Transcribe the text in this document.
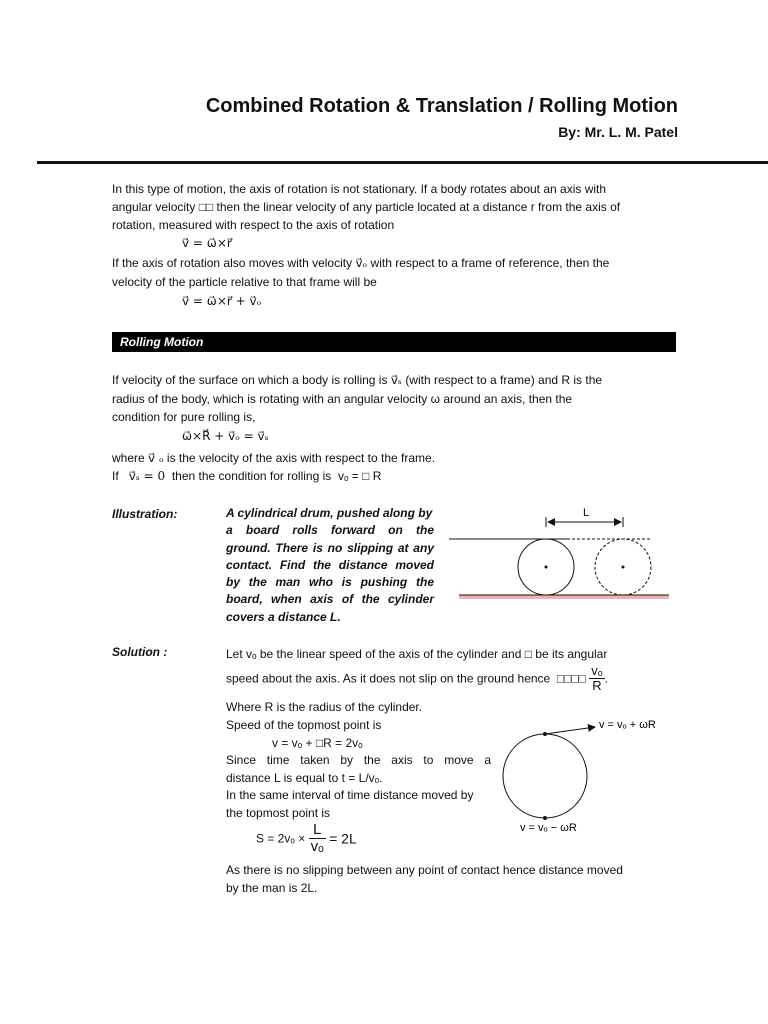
Combined Rotation & Translation / Rolling Motion
By: Mr. L. M. Patel
In this type of motion, the axis of rotation is not stationary. If a body rotates about an axis with
angular velocity □□ then the linear velocity of any particle located at a distance r from the axis of
rotation, measured with respect to the axis of rotation
v⃗ = ω⃗×r⃗
If the axis of rotation also moves with velocity v⃗ₒ with respect to a frame of reference, then the
velocity of the particle relative to that frame will be
v⃗ = ω⃗×r⃗ + v⃗ₒ
Rolling Motion
If velocity of the surface on which a body is rolling is v⃗ₛ (with respect to a frame) and R is the
radius of the body, which is rotating with an angular velocity ω around an axis, then the
condition for pure rolling is,
ω⃗×R⃗ + v⃗ₒ = v⃗ₛ
where v⃗ ₒ is the velocity of the axis with respect to the frame.
If v⃗ₛ = 0 then the condition for rolling is vₒ = □ R
Illustration:	A cylindrical drum, pushed along by
a board rolls forward on the
ground. There is no slipping at any
contact. Find the distance moved
by the man who is pushing the
board, when axis of the cylinder
covers a distance L.
L
Solution :	Let vₒ be the linear speed of the axis of the cylinder and □ be its angular
speed about the axis. As it does not slip on the ground hence □□□□ $\frac{\text{vₒ}}{R}$ .
Where R is the radius of the cylinder.
Speed of the topmost point is
v = vₒ + □R = 2vₒ
Since time taken by the axis to move a
distance L is equal to t = L/vₒ.
In the same interval of time distance moved by
the topmost point is
$S = 2v_o \times \frac{L}{\text{vₒ}} = 2L$
As there is no slipping between any point of contact hence distance moved
by the man is 2L.
v = vₒ + ωR
v = vₒ − ωR
